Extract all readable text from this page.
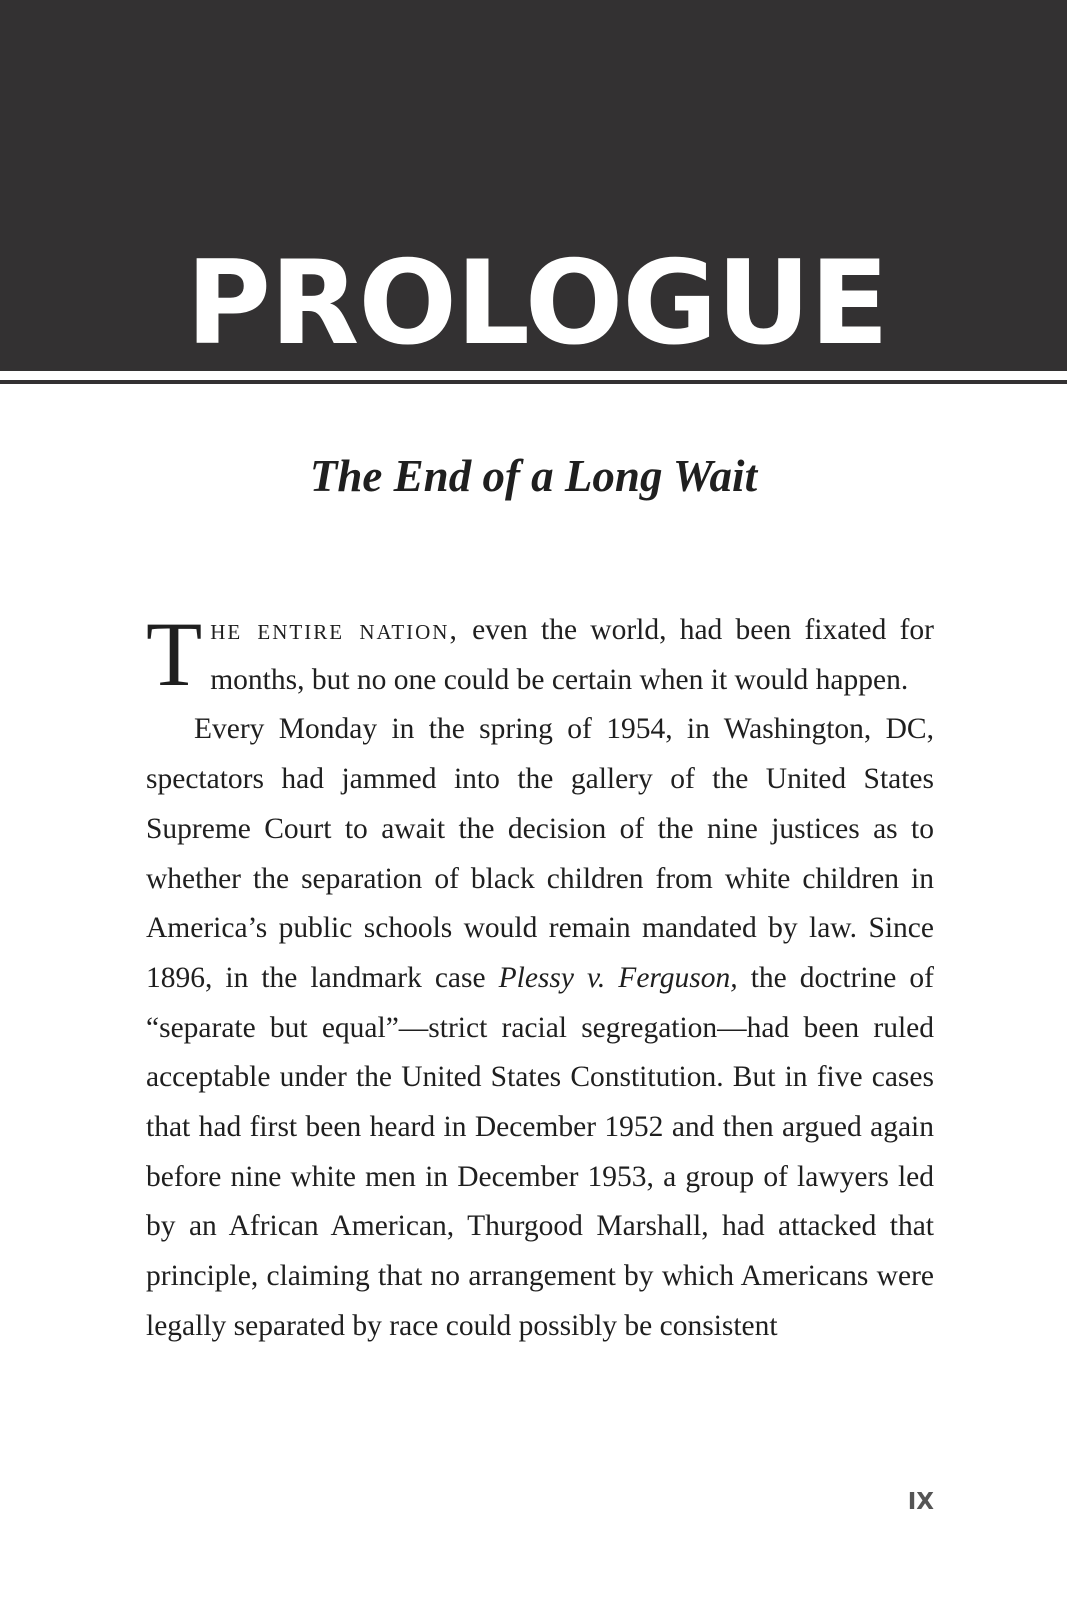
PROLOGUE
The End of a Long Wait

The entire nation, even the world, had been fixated for months, but no one could be certain when it would happen.

Every Monday in the spring of 1954, in Washington, DC, spectators had jammed into the gallery of the United States Supreme Court to await the decision of the nine justices as to whether the separation of black children from white children in America’s public schools would remain mandated by law. Since 1896, in the landmark case Plessy v. Ferguson, the doctrine of “separate but equal”—strict racial segregation—had been ruled acceptable under the United States Constitution. But in five cases that had first been heard in December 1952 and then argued again before nine white men in December 1953, a group of lawyers led by an African American, Thurgood Marshall, had attacked that principle, claiming that no arrangement by which Americans were legally separated by race could possibly be consistent

IX
